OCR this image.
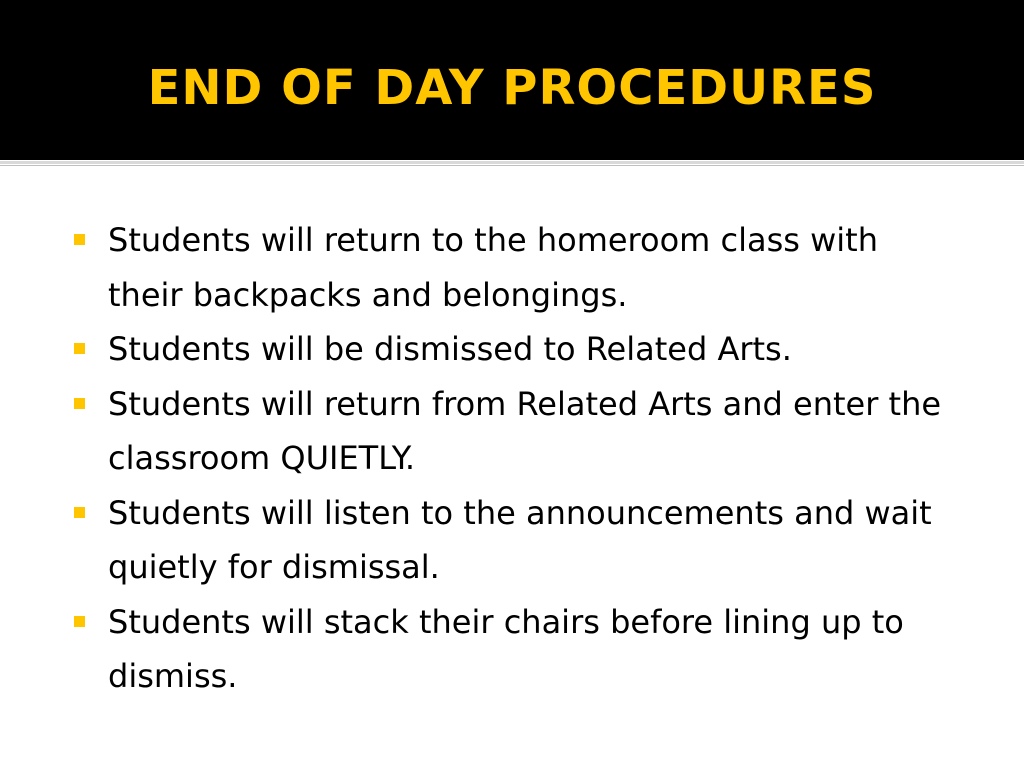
END OF DAY PROCEDURES
Students will return to the homeroom class with their backpacks and belongings.
Students will be dismissed to Related Arts.
Students will return from Related Arts and enter the classroom QUIETLY.
Students will listen to the announcements and wait quietly for dismissal.
Students will stack their chairs before lining up to dismiss.
